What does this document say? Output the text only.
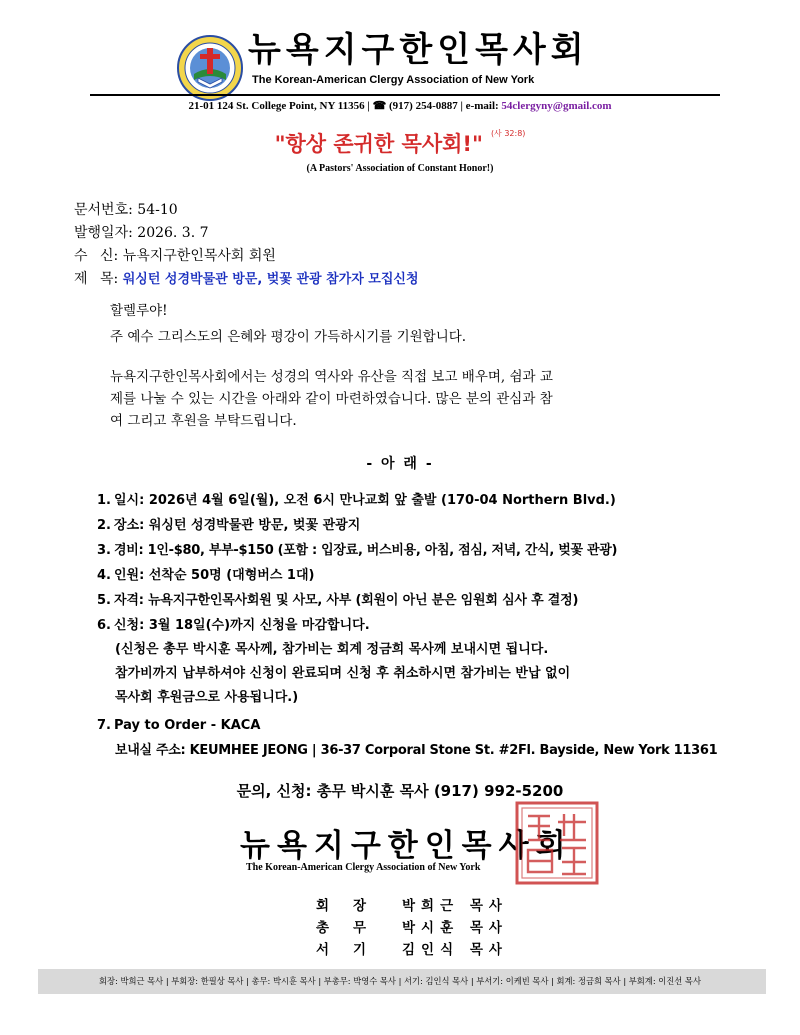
뉴욕지구한인목사회
The Korean-American Clergy Association of New York
21-01 124 St. College Point, NY 11356 | ☎ (917) 254-0887 | e-mail: 54clergyny@gmail.com
"항상 존귀한 목사회!" $^{(사 32:8)}$
(A Pastors' Association of Constant Honor!)
문서번호: 54-10
발행일자: 2026. 3. 7
수 신: 뉴욕지구한인목사회 회원
제 목: 워싱턴 성경박물관 방문, 벚꽃 관광 참가자 모집신청
할렐루야!
주 예수 그리스도의 은혜와 평강이 가득하시기를 기원합니다.
뉴욕지구한인목사회에서는 성경의 역사와 유산을 직접 보고 배우며, 쉼과 교
제를 나눌 수 있는 시간을 아래와 같이 마련하였습니다. 많은 분의 관심과 참
여 그리고 후원을 부탁드립니다.
- 아 래 -
1. 일시: 2026년 4월 6일(월), 오전 6시 만나교회 앞 출발 (170-04 Northern Blvd.)
2. 장소: 워싱턴 성경박물관 방문, 벚꽃 관광지
3. 경비: 1인-$80, 부부-$150 (포함 : 입장료, 버스비용, 아침, 점심, 저녁, 간식, 벚꽃 관광)
4. 인원: 선착순 50명 (대형버스 1대)
5. 자격: 뉴욕지구한인목사회원 및 사모, 사부 (회원이 아닌 분은 임원회 심사 후 결정)
6. 신청: 3월 18일(수)까지 신청을 마감합니다.
(신청은 총무 박시훈 목사께, 참가비는 회계 정금희 목사께 보내시면 됩니다.
참가비까지 납부하셔야 신청이 완료되며 신청 후 취소하시면 참가비는 반납 없이
목사회 후원금으로 사용됩니다.)
7. Pay to Order - KACA
보내실 주소: KEUMHEE JEONG | 36-37 Corporal Stone St. #2Fl. Bayside, New York 11361
문의, 신청: 총무 박시훈 목사 (917) 992-5200
뉴욕지구한인목사회
The Korean-American Clergy Association of New York
회장 박희근 목사
총무 박시훈 목사
서기 김인식 목사
회장: 박희근 목사 | 부회장: 한필상 목사 | 총무: 박시훈 목사 | 부총무: 박영수 목사 | 서기: 김인식 목사 | 부서기: 이케빈 목사 | 회계: 정금희 목사 | 부회계: 이진선 목사
